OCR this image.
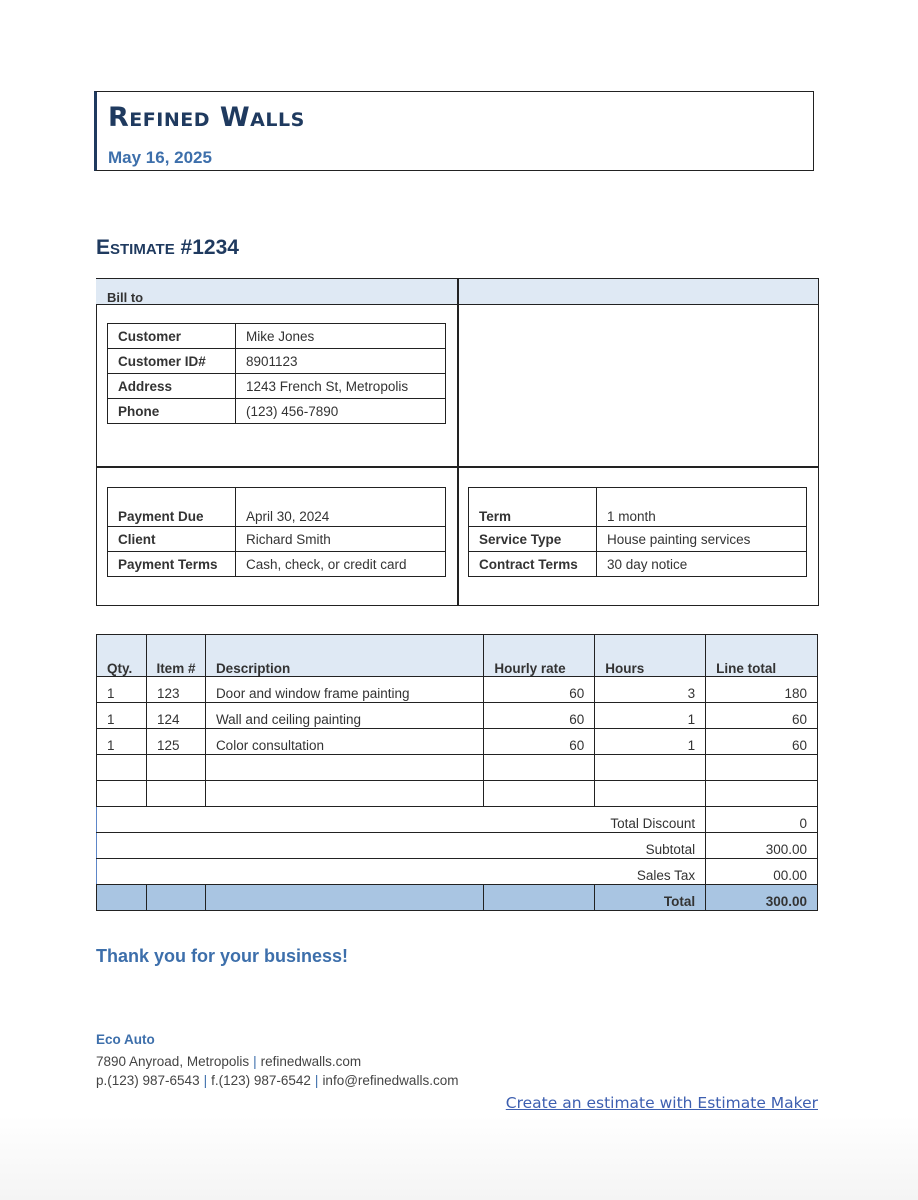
Refined Walls
May 16, 2025
Estimate #1234
Bill to
Customer	Mike Jones
Customer ID#	8901123
Address	1243 French St, Metropolis
Phone	(123) 456-7890
Payment Due	April 30, 2024
Client	Richard Smith
Payment Terms	Cash, check, or credit card
Term	1 month
Service Type	House painting services
Contract Terms	30 day notice
Qty.	Item #	Description	Hourly rate	Hours	Line total
1	123	Door and window frame painting	60	3	180
1	124	Wall and ceiling painting	60	1	60
1	125	Color consultation	60	1	60

Total Discount					0
Subtotal					300.00
Sales Tax					00.00
				Total	300.00
Thank you for your business!
Eco Auto
7890 Anyroad, Metropolis | refinedwalls.com
p.(123) 987-6543 | f.(123) 987-6542 | info@refinedwalls.com
Create an estimate with Estimate Maker
